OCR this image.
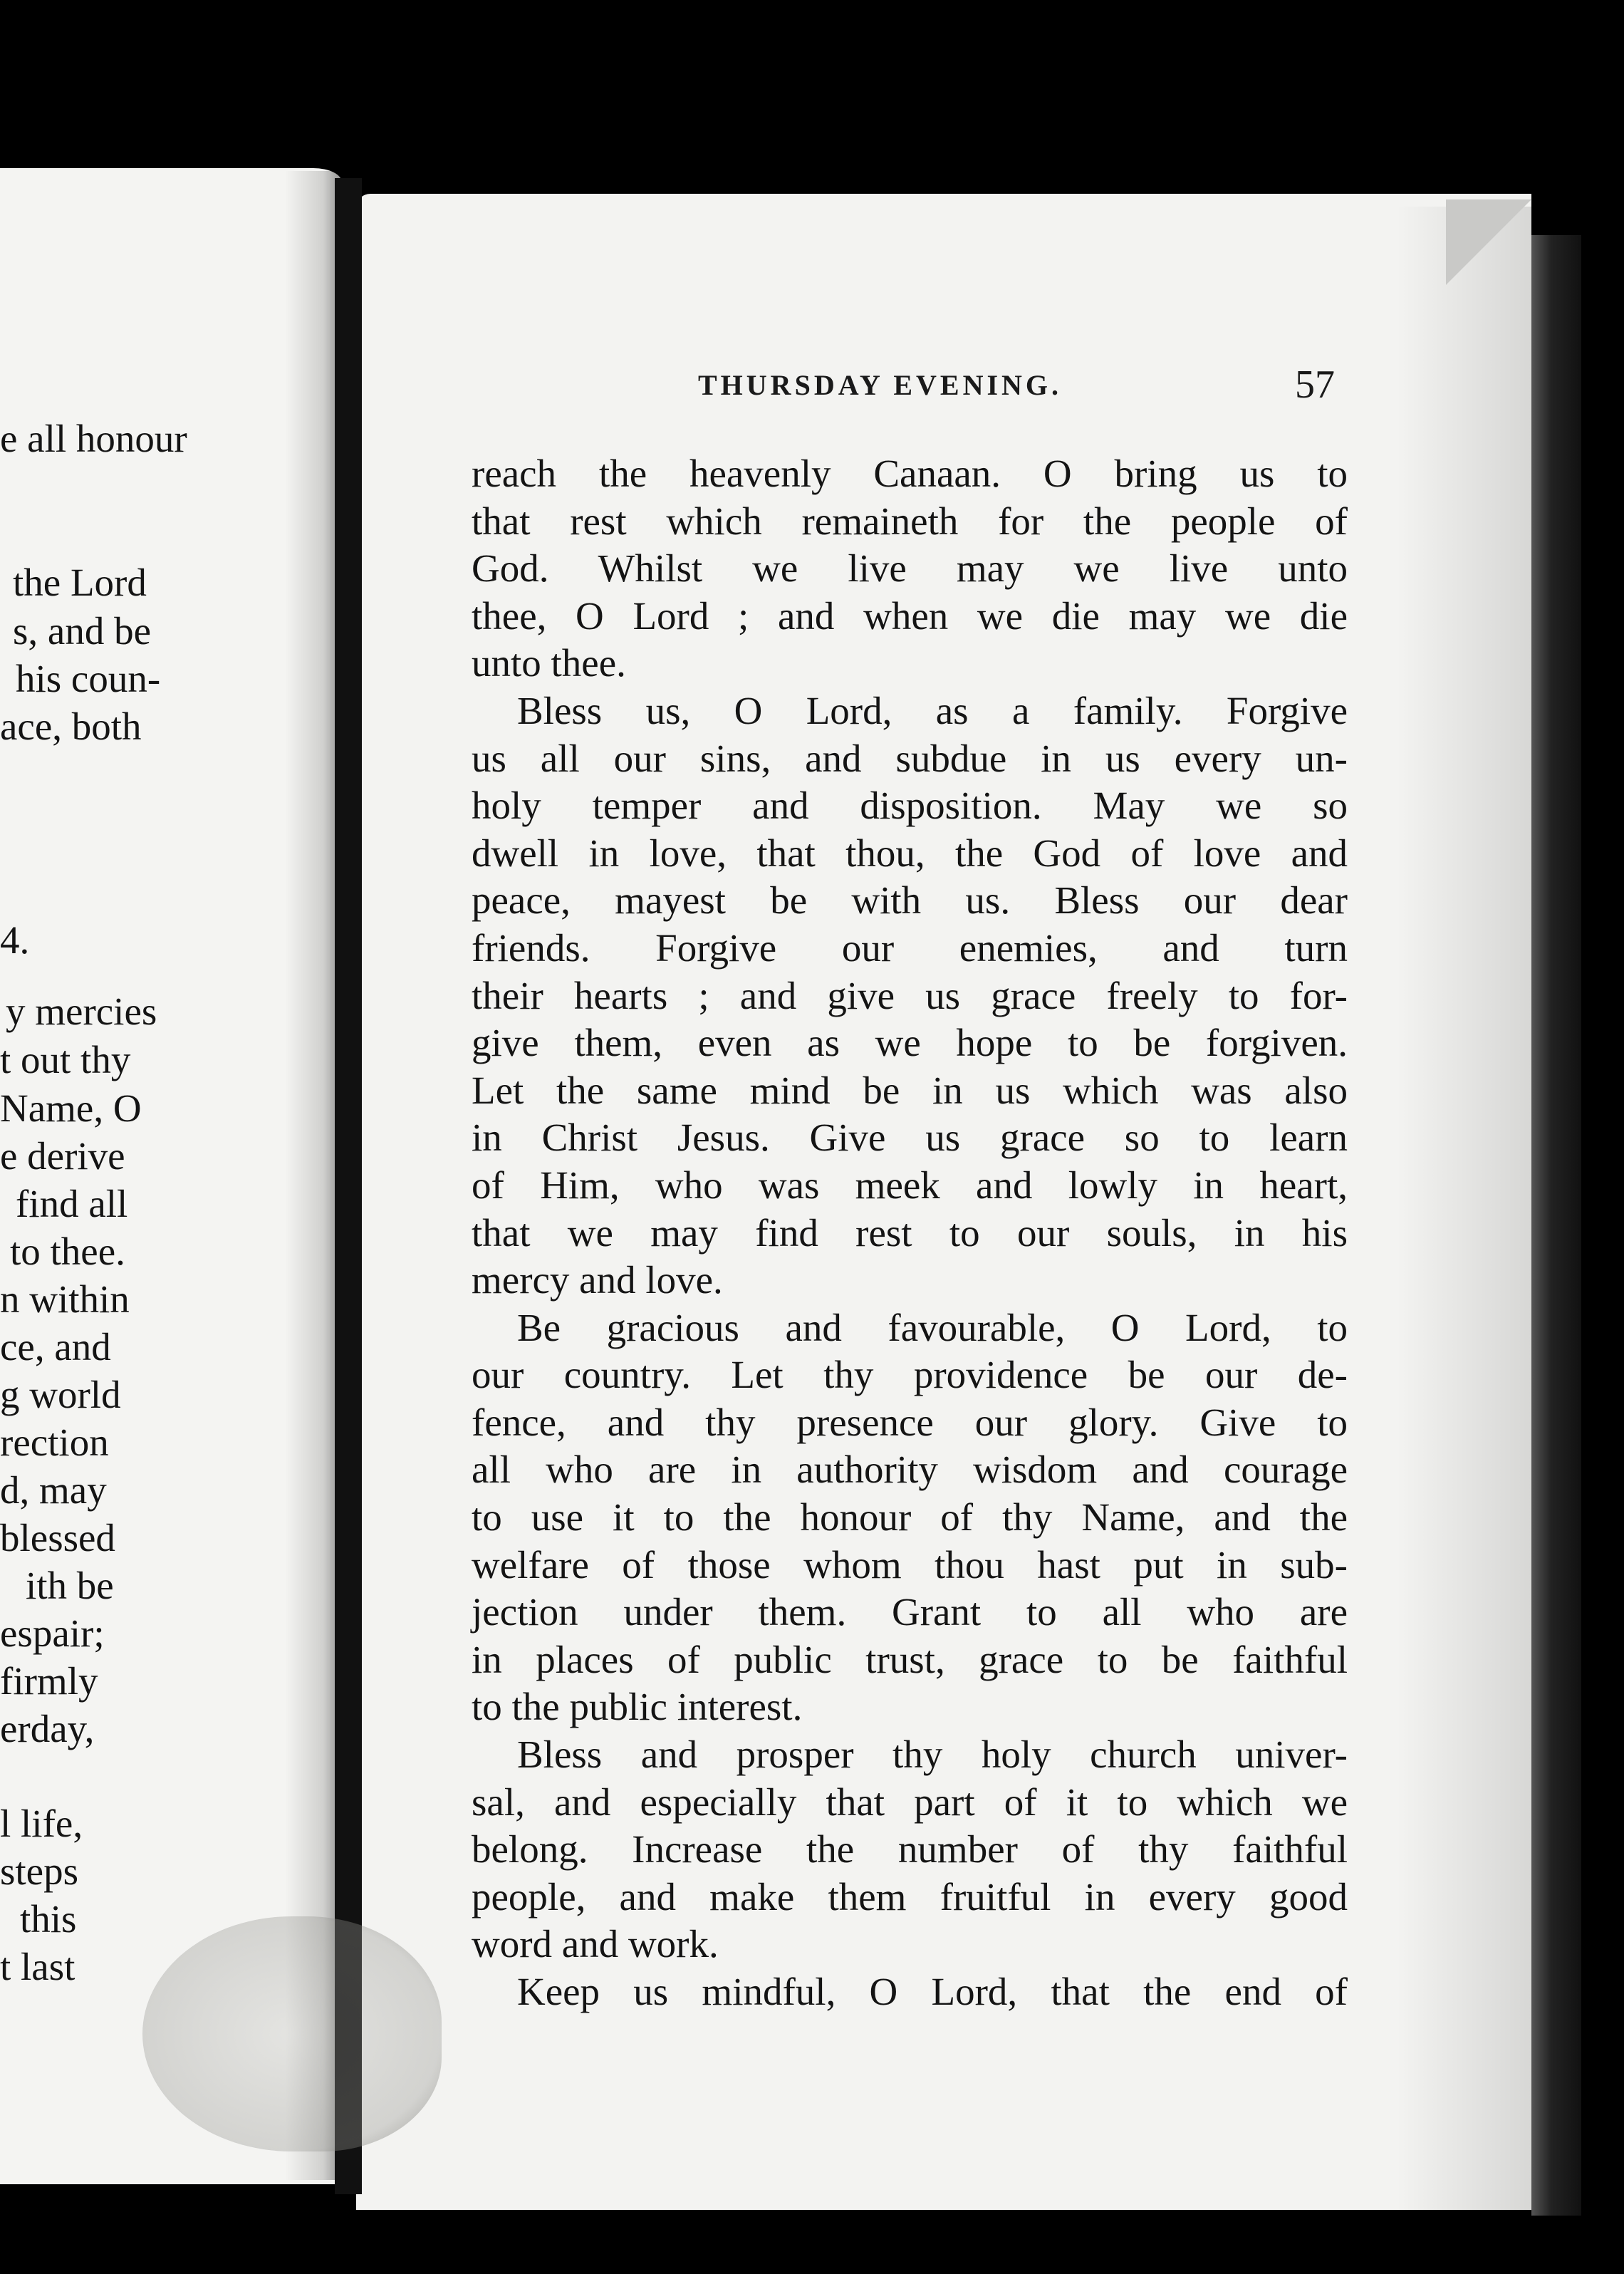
e all honour

the Lord

s, and be

his coun-

ace, both

4.

y mercies

t out thy

Name, O

e derive

find all

to thee.

n within

ce, and

g world

rection

d, may

blessed

ith be

espair;

firmly

erday,

l life,

steps

this

t last

THURSDAY EVENING.	57
reach the heavenly Canaan. O bring us to
that rest which remaineth for the people of
God. Whilst we live may we live unto
thee, O Lord ; and when we die may we die
unto thee.
Bless us, O Lord, as a family. Forgive
us all our sins, and subdue in us every un-
holy temper and disposition. May we so
dwell in love, that thou, the God of love and
peace, mayest be with us. Bless our dear
friends. Forgive our enemies, and turn
their hearts ; and give us grace freely to for-
give them, even as we hope to be forgiven.
Let the same mind be in us which was also
in Christ Jesus. Give us grace so to learn
of Him, who was meek and lowly in heart,
that we may find rest to our souls, in his
mercy and love.
Be gracious and favourable, O Lord, to
our country. Let thy providence be our de-
fence, and thy presence our glory. Give to
all who are in authority wisdom and courage
to use it to the honour of thy Name, and the
welfare of those whom thou hast put in sub-
jection under them. Grant to all who are
in places of public trust, grace to be faithful
to the public interest.
Bless and prosper thy holy church univer-
sal, and especially that part of it to which we
belong. Increase the number of thy faithful
people, and make them fruitful in every good
word and work.
Keep us mindful, O Lord, that the end of
